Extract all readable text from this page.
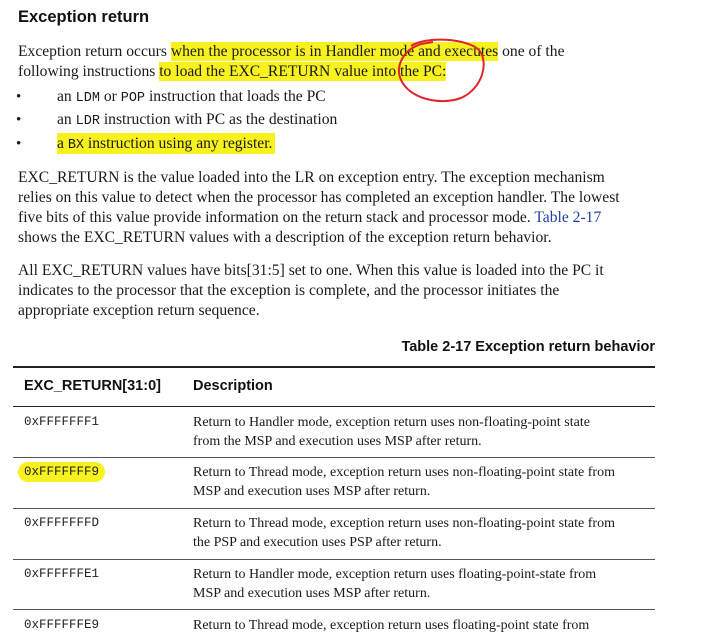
Exception return
Exception return occurs when the processor is in Handler mode and executes one of the
following instructions to load the EXC_RETURN value into the PC:
• an LDM or POP instruction that loads the PC
• an LDR instruction with PC as the destination
• a BX instruction using any register.
EXC_RETURN is the value loaded into the LR on exception entry. The exception mechanism
relies on this value to detect when the processor has completed an exception handler. The lowest
five bits of this value provide information on the return stack and processor mode. Table 2-17
shows the EXC_RETURN values with a description of the exception return behavior.
All EXC_RETURN values have bits[31:5] set to one. When this value is loaded into the PC it
indicates to the processor that the exception is complete, and the processor initiates the
appropriate exception return sequence.
Table 2-17 Exception return behavior
EXC_RETURN[31:0] Description
0xFFFFFFF1	Return to Handler mode, exception return uses non-floating-point state
from the MSP and execution uses MSP after return.
0xFFFFFFF9	Return to Thread mode, exception return uses non-floating-point state from
MSP and execution uses MSP after return.
0xFFFFFFFD	Return to Thread mode, exception return uses non-floating-point state from
the PSP and execution uses PSP after return.
0xFFFFFFE1	Return to Handler mode, exception return uses floating-point-state from
MSP and execution uses MSP after return.
0xFFFFFFE9	Return to Thread mode, exception return uses floating-point state from
